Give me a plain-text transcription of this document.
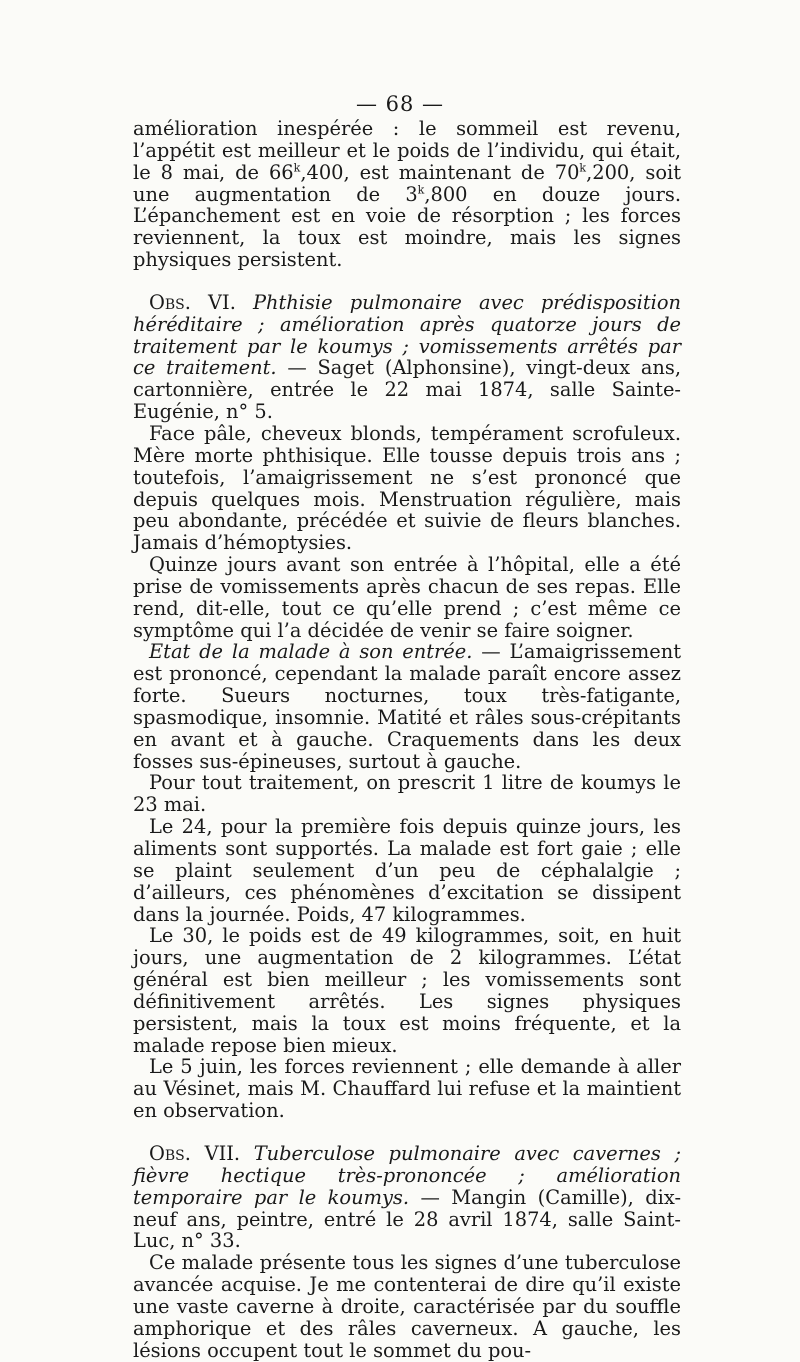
— 68 —

amélioration inespérée : le sommeil est revenu, l’appétit est meilleur et le poids de l’individu, qui était, le 8 mai, de 66$^k$,400, est maintenant de 70$^k$,200, soit une augmentation de 3$^k$,800 en douze jours. L’épanchement est en voie de résorption ; les forces reviennent, la toux est moindre, mais les signes physiques persistent.

Obs. VI. Phthisie pulmonaire avec prédisposition héréditaire ; amélioration après quatorze jours de traitement par le koumys ; vomissements arrêtés par ce traitement. — Saget (Alphonsine), vingt-deux ans, cartonnière, entrée le 22 mai 1874, salle Sainte-Eugénie, n° 5.

Face pâle, cheveux blonds, tempérament scrofuleux. Mère morte phthisique. Elle tousse depuis trois ans ; toutefois, l’amaigrissement ne s’est prononcé que depuis quelques mois. Menstruation régulière, mais peu abondante, précédée et suivie de fleurs blanches. Jamais d’hémoptysies.

Quinze jours avant son entrée à l’hôpital, elle a été prise de vomissements après chacun de ses repas. Elle rend, dit-elle, tout ce qu’elle prend ; c’est même ce symptôme qui l’a décidée de venir se faire soigner.

Etat de la malade à son entrée. — L’amaigrissement est prononcé, cependant la malade paraît encore assez forte. Sueurs nocturnes, toux très-fatigante, spasmodique, insomnie. Matité et râles sous-crépitants en avant et à gauche. Craquements dans les deux fosses sus-épineuses, surtout à gauche.

Pour tout traitement, on prescrit 1 litre de koumys le 23 mai.

Le 24, pour la première fois depuis quinze jours, les aliments sont supportés. La malade est fort gaie ; elle se plaint seulement d’un peu de céphalalgie ; d’ailleurs, ces phénomènes d’excitation se dissipent dans la journée. Poids, 47 kilogrammes.

Le 30, le poids est de 49 kilogrammes, soit, en huit jours, une augmentation de 2 kilogrammes. L’état général est bien meilleur ; les vomissements sont définitivement arrêtés. Les signes physiques persistent, mais la toux est moins fréquente, et la malade repose bien mieux.

Le 5 juin, les forces reviennent ; elle demande à aller au Vésinet, mais M. Chauffard lui refuse et la maintient en observation.

Obs. VII. Tuberculose pulmonaire avec cavernes ; fièvre hectique très-prononcée ; amélioration temporaire par le koumys. — Mangin (Camille), dix-neuf ans, peintre, entré le 28 avril 1874, salle Saint-Luc, n° 33.

Ce malade présente tous les signes d’une tuberculose avancée acquise. Je me contenterai de dire qu’il existe une vaste caverne à droite, caractérisée par du souffle amphorique et des râles caverneux. A gauche, les lésions occupent tout le sommet du pou-
